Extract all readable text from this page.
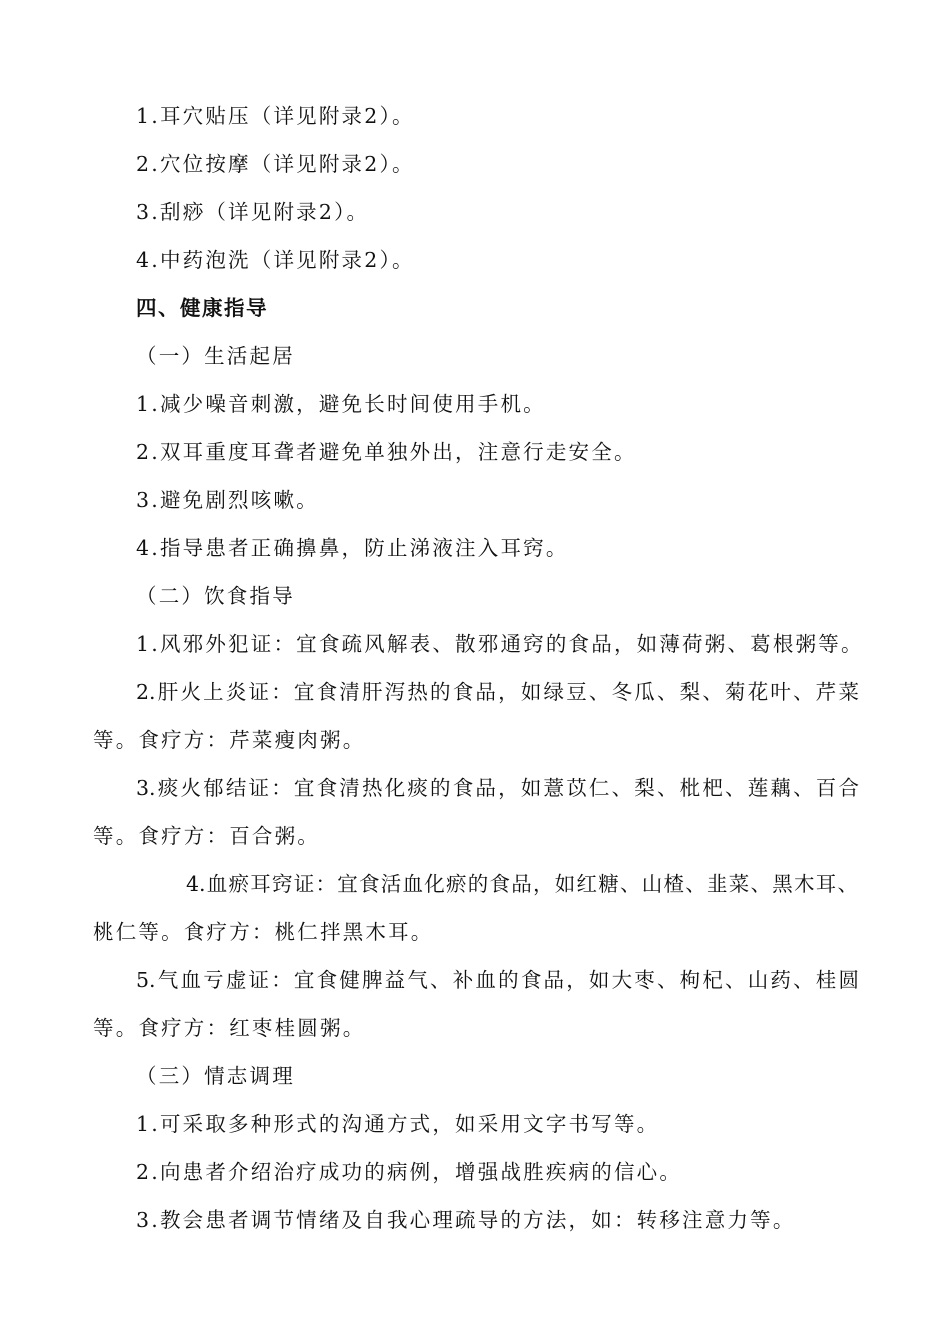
1.耳穴贴压（详见附录2）。
2.穴位按摩（详见附录2）。
3.刮痧（详见附录2）。
4.中药泡洗（详见附录2）。
四、健康指导
（一）生活起居
1.减少噪音刺激，避免长时间使用手机。
2.双耳重度耳聋者避免单独外出，注意行走安全。
3.避免剧烈咳嗽。
4.指导患者正确擤鼻，防止涕液注入耳窍。
（二）饮食指导
1.风邪外犯证：宜食疏风解表、散邪通窍的食品，如薄荷粥、葛根粥等。
2.肝火上炎证：宜食清肝泻热的食品，如绿豆、冬瓜、梨、菊花叶、芹菜
等。食疗方：芹菜瘦肉粥。
3.痰火郁结证：宜食清热化痰的食品，如薏苡仁、梨、枇杷、莲藕、百合
等。食疗方：百合粥。
4.血瘀耳窍证：宜食活血化瘀的食品，如红糖、山楂、韭菜、黑木耳、
桃仁等。食疗方：桃仁拌黑木耳。
5.气血亏虚证：宜食健脾益气、补血的食品，如大枣、枸杞、山药、桂圆
等。食疗方：红枣桂圆粥。
（三）情志调理
1.可采取多种形式的沟通方式，如采用文字书写等。
2.向患者介绍治疗成功的病例，增强战胜疾病的信心。
3.教会患者调节情绪及自我心理疏导的方法，如：转移注意力等。
